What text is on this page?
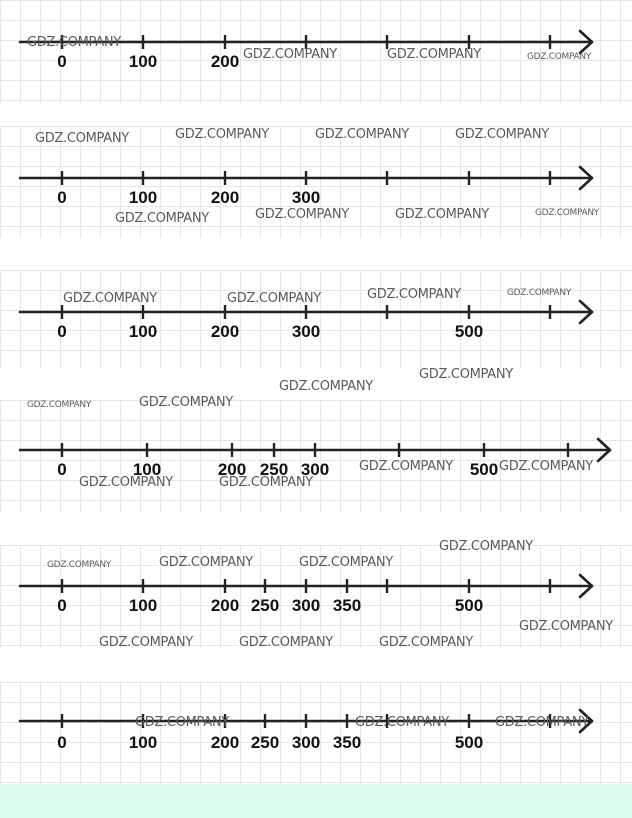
0	100	200
0	100	200	300
0	100	200	300	500
0	100	200 250 300	500
0	100	200 250 300 350	500
0	100	200 250 300 350	500
GDZ.COMPANY
GDZ.COMPANY	GDZ.COMPANY	GDZ.COMPANY
GDZ.COMPANY	GDZ.COMPANY	GDZ.COMPANY	GDZ.COMPANY
GDZ.COMPANY	GDZ.COMPANY	GDZ.COMPANY	GDZ.COMPANY
GDZ.COMPANY	GDZ.COMPANY	GDZ.COMPANY	GDZ.COMPANY
GDZ.COMPANY
GDZ.COMPANY
GDZ.COMPANY	GDZ.COMPANY
GDZ.COMPANY	GDZ.COMPANY
GDZ.COMPANY	GDZ.COMPANY
GDZ.COMPANY
GDZ.COMPANY	GDZ.COMPANY	GDZ.COMPANY
GDZ.COMPANY
GDZ.COMPANY	GDZ.COMPANY	GDZ.COMPANY
GDZ.COMPANY	GDZ.COMPANY	GDZ.COMPANY
